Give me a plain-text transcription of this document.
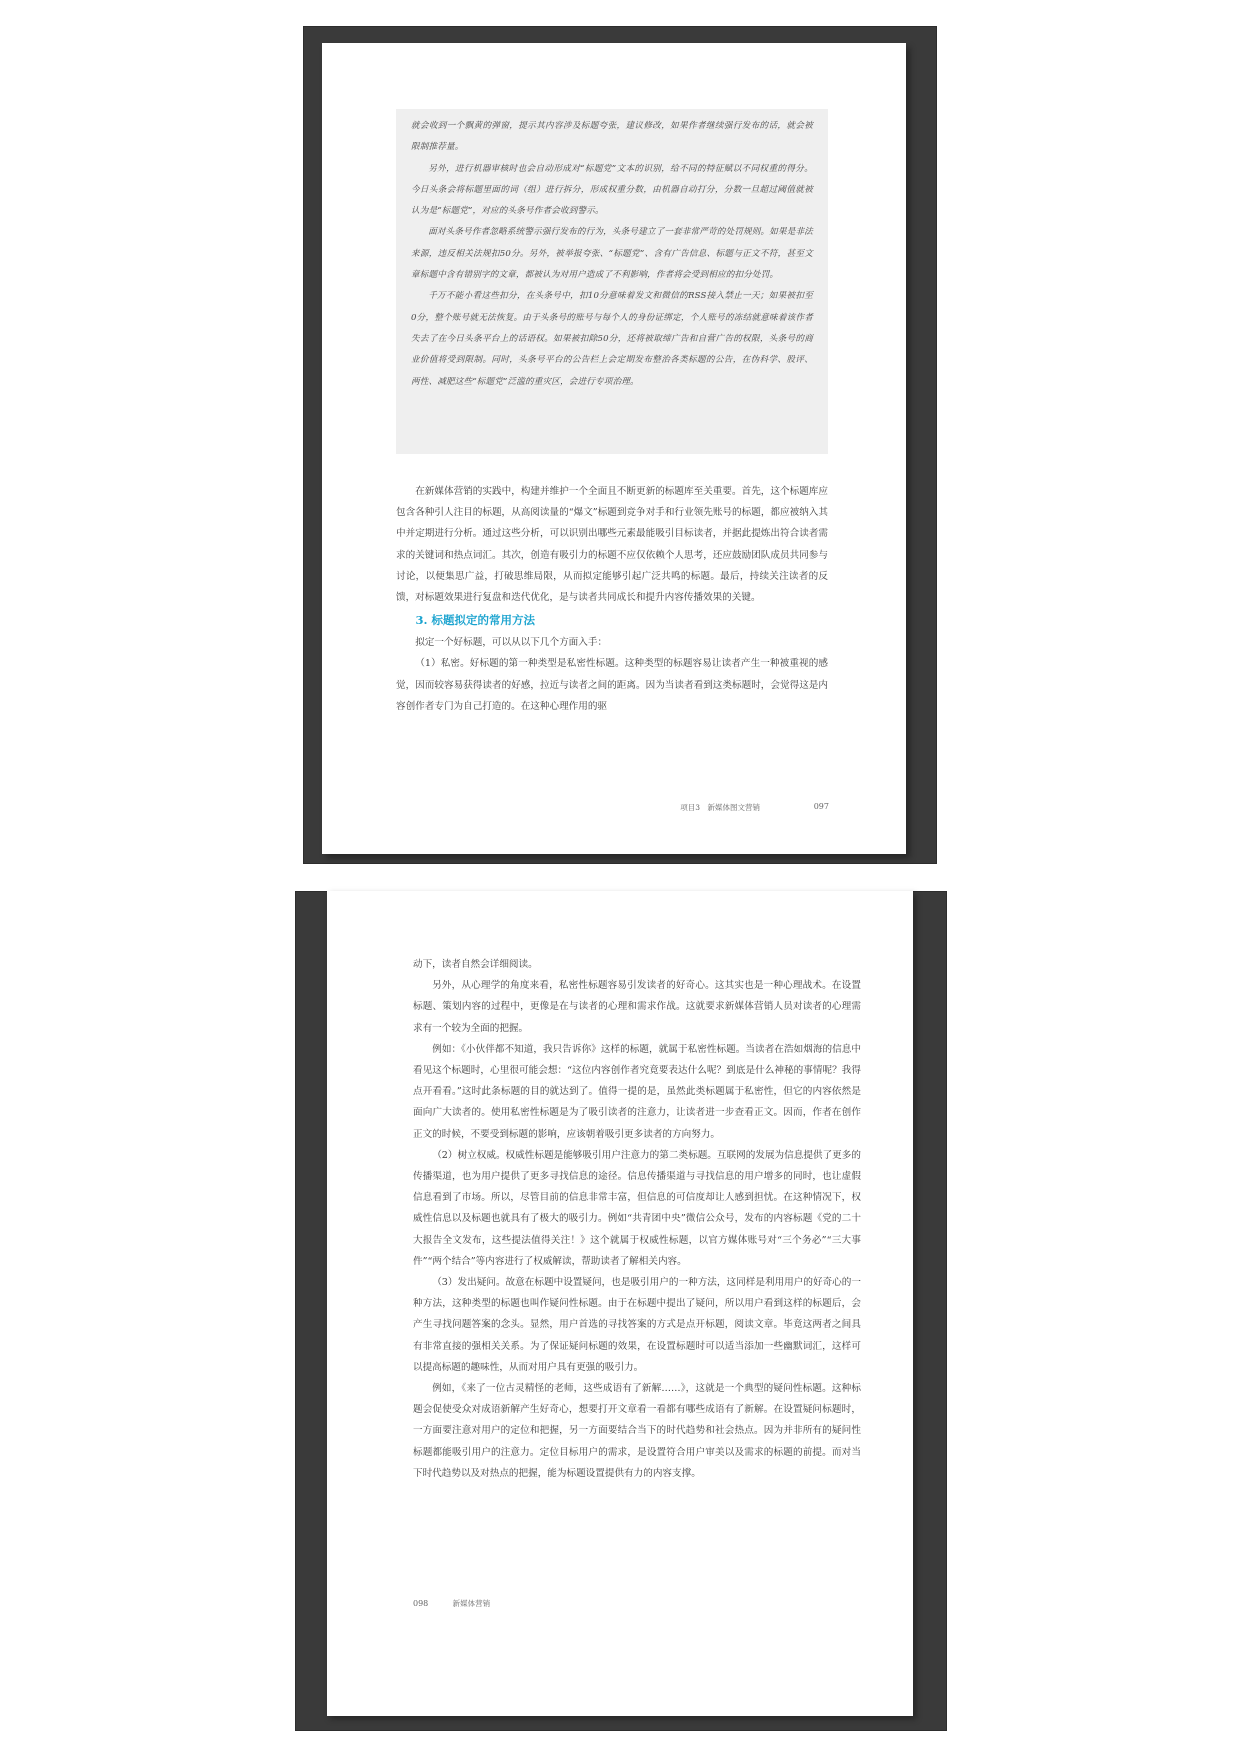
就会收到一个飘黄的弹窗，提示其内容涉及标题夸张，建议修改，如果作者继续强行发布的话，就会被限制推荐量。

另外，进行机器审核时也会自动形成对“标题党”文本的识别，给不同的特征赋以不同权重的得分。今日头条会将标题里面的词（组）进行拆分，形成权重分数，由机器自动打分，分数一旦超过阈值就被认为是“标题党”，对应的头条号作者会收到警示。

面对头条号作者忽略系统警示强行发布的行为，头条号建立了一套非常严苛的处罚规则。如果是非法来源，违反相关法规扣50分。另外，被举报夸张、“标题党”、含有广告信息、标题与正文不符，甚至文章标题中含有错别字的文章，都被认为对用户造成了不利影响，作者将会受到相应的扣分处罚。

千万不能小看这些扣分，在头条号中，扣10分意味着发文和微信的RSS接入禁止一天；如果被扣至0分，整个账号就无法恢复。由于头条号的账号与每个人的身份证绑定，个人账号的冻结就意味着该作者失去了在今日头条平台上的话语权。如果被扣除50分，还将被取缔广告和自营广告的权限，头条号的商业价值将受到限制。同时，头条号平台的公告栏上会定期发布整治各类标题的公告，在伪科学、股评、两性、减肥这些“标题党”泛滥的重灾区，会进行专项治理。

在新媒体营销的实践中，构建并维护一个全面且不断更新的标题库至关重要。首先，这个标题库应包含各种引人注目的标题，从高阅读量的“爆文”标题到竞争对手和行业领先账号的标题，都应被纳入其中并定期进行分析。通过这些分析，可以识别出哪些元素最能吸引目标读者，并据此提炼出符合读者需求的关键词和热点词汇。其次，创造有吸引力的标题不应仅依赖个人思考，还应鼓励团队成员共同参与讨论，以便集思广益，打破思维局限，从而拟定能够引起广泛共鸣的标题。最后，持续关注读者的反馈，对标题效果进行复盘和迭代优化，是与读者共同成长和提升内容传播效果的关键。

3. 标题拟定的常用方法

拟定一个好标题，可以从以下几个方面入手：

（1）私密。好标题的第一种类型是私密性标题。这种类型的标题容易让读者产生一种被重视的感觉，因而较容易获得读者的好感，拉近与读者之间的距离。因为当读者看到这类标题时，会觉得这是内容创作者专门为自己打造的。在这种心理作用的驱

项目3　新媒体图文营销	097

动下，读者自然会详细阅读。

另外，从心理学的角度来看，私密性标题容易引发读者的好奇心。这其实也是一种心理战术。在设置标题、策划内容的过程中，更像是在与读者的心理和需求作战。这就要求新媒体营销人员对读者的心理需求有一个较为全面的把握。

例如：《小伙伴都不知道，我只告诉你》这样的标题，就属于私密性标题。当读者在浩如烟海的信息中看见这个标题时，心里很可能会想：“这位内容创作者究竟要表达什么呢？到底是什么神秘的事情呢？我得点开看看。”这时此条标题的目的就达到了。值得一提的是，虽然此类标题属于私密性，但它的内容依然是面向广大读者的。使用私密性标题是为了吸引读者的注意力，让读者进一步查看正文。因而，作者在创作正文的时候，不要受到标题的影响，应该朝着吸引更多读者的方向努力。

（2）树立权威。权威性标题是能够吸引用户注意力的第二类标题。互联网的发展为信息提供了更多的传播渠道，也为用户提供了更多寻找信息的途径。信息传播渠道与寻找信息的用户增多的同时，也让虚假信息看到了市场。所以，尽管目前的信息非常丰富，但信息的可信度却让人感到担忧。在这种情况下，权威性信息以及标题也就具有了极大的吸引力。例如“共青团中央”微信公众号，发布的内容标题《党的二十大报告全文发布，这些提法值得关注！》这个就属于权威性标题，以官方媒体账号对“三个务必”“三大事件”“两个结合”等内容进行了权威解读，帮助读者了解相关内容。

（3）发出疑问。故意在标题中设置疑问，也是吸引用户的一种方法，这同样是利用用户的好奇心的一种方法，这种类型的标题也叫作疑问性标题。由于在标题中提出了疑问，所以用户看到这样的标题后，会产生寻找问题答案的念头。显然，用户首选的寻找答案的方式是点开标题，阅读文章。毕竟这两者之间具有非常直接的强相关关系。为了保证疑问标题的效果，在设置标题时可以适当添加一些幽默词汇，这样可以提高标题的趣味性，从而对用户具有更强的吸引力。

例如，《来了一位古灵精怪的老师，这些成语有了新解……》，这就是一个典型的疑问性标题。这种标题会促使受众对成语新解产生好奇心，想要打开文章看一看都有哪些成语有了新解。在设置疑问标题时，一方面要注意对用户的定位和把握，另一方面要结合当下的时代趋势和社会热点。因为并非所有的疑问性标题都能吸引用户的注意力。定位目标用户的需求，是设置符合用户审美以及需求的标题的前提。而对当下时代趋势以及对热点的把握，能为标题设置提供有力的内容支撑。

098	新媒体营销
